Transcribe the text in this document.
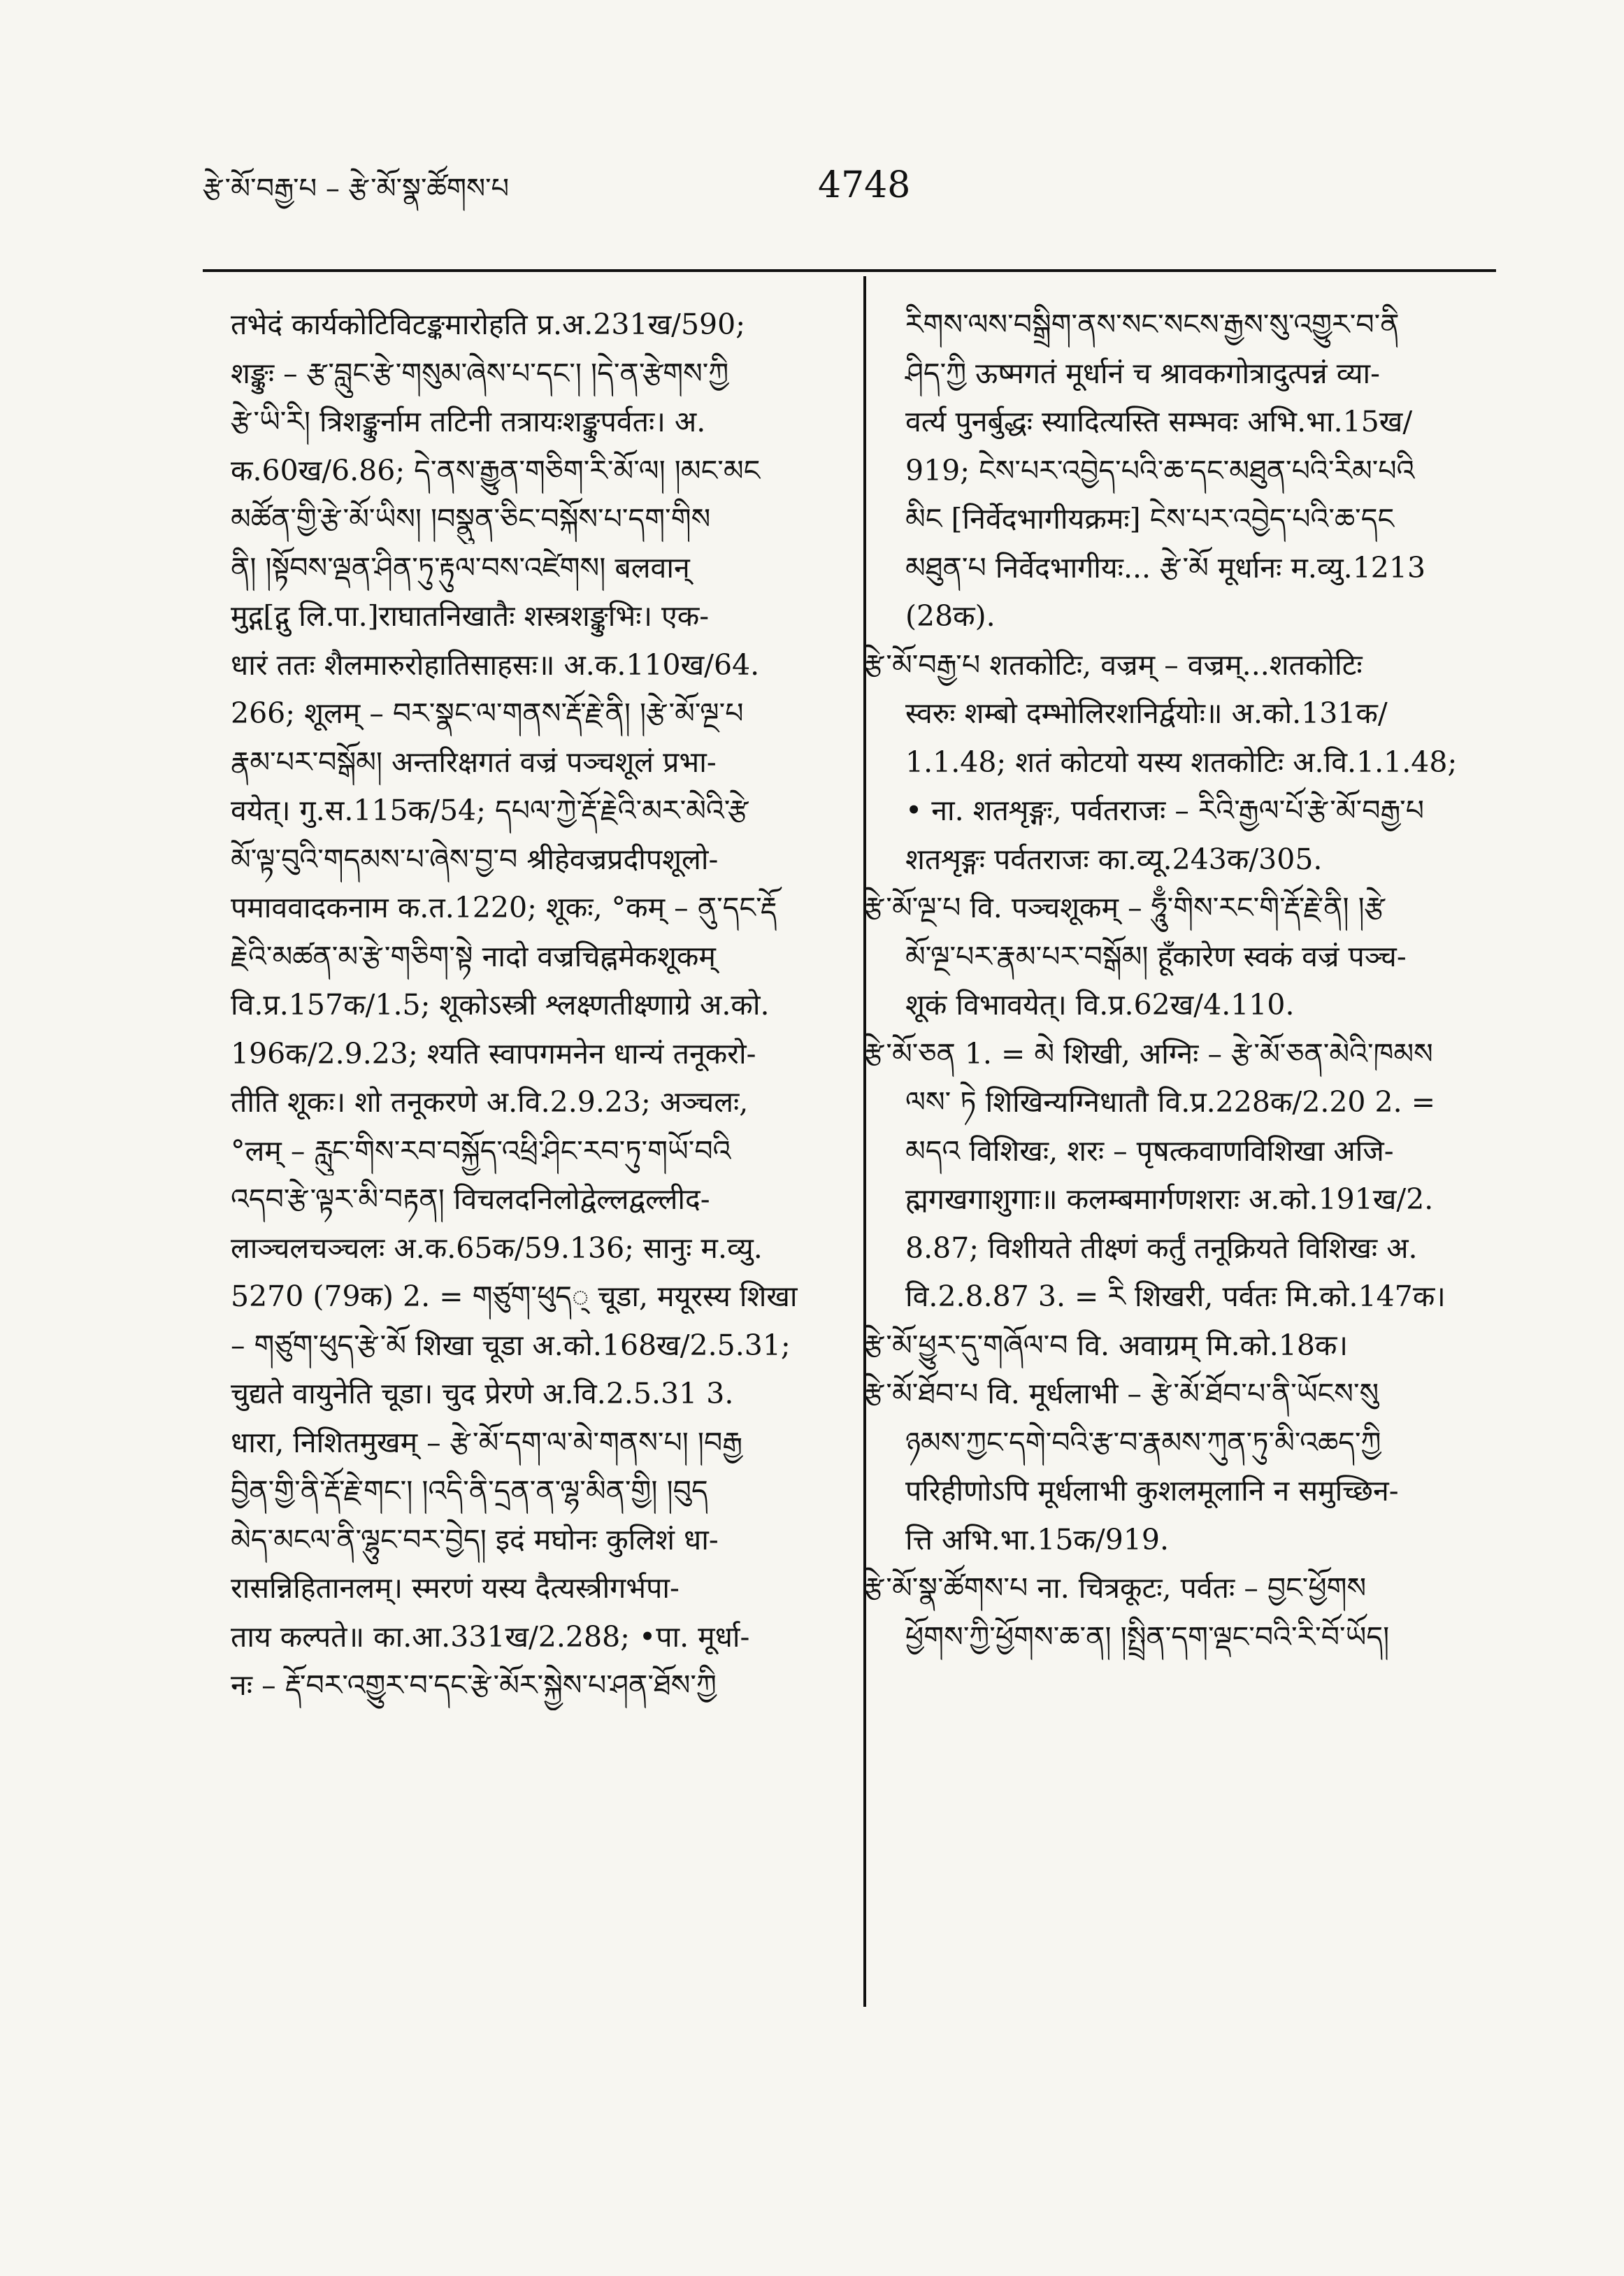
རྩེ་མོ་བརྒྱ་པ – རྩེ་མོ་སྣ་ཚོགས་པ	4748
तभेदं कार्यकोटिविटङ्कमारोहति प्र.अ.231ख/590;
शङ्कुः – རྩ་བླུང་རྩེ་གསུམ་ཞེས་པ་དང་། །དེ་ན་རྩེགས་ཀྱི
རྩེ་ཡི་རི། त्रिशङ्कुर्नाम तटिनी तत्रायःशङ्कुपर्वतः। अ.
क.60ख/6.86; དེ་ནས་རྒྱུན་གཅིག་རི་མོ་ལ། །མང་མང
མཚོན་གྱི་རྩེ་མོ་ཡིས། །བསྣུན་ཅིང་བསྐོས་པ་དག་གིས
ནི། །སྟོབས་ལྡན་ཤིན་ཏུ་རྟུལ་བས་འཛེགས། बलवान्
मुद्ग[द्गु लि.पा.]राघातनिखातैः शस्त्रशङ्कुभिः। एक-
धारं ततः शैलमारुरोहातिसाहसः॥ अ.क.110ख/64.
266; शूलम् – བར་སྣང་ལ་གནས་རྡོ་རྗེ་ནི། །རྩེ་མོ་ལྔ་པ
རྣམ་པར་བསྒོམ། अन्तरिक्षगतं वज्रं पञ्चशूलं प्रभा-
वयेत्। गु.स.115क/54; དཔལ་ཀྱེ་རྡོ་རྗེའི་མར་མེའི་རྩེ
མོ་ལྟ་བུའི་གདམས་པ་ཞེས་བྱ་བ श्रीहेवज्रप्रदीपशूलो-
पमाववादकनाम क.त.1220; शूकः, °कम् – ནུ་དང་རྡོ
རྗེའི་མཚན་མ་རྩེ་གཅིག་སྟེ नादो वज्रचिह्नमेकशूकम्
वि.प्र.157क/1.5; शूकोऽस्त्री श्लक्ष्णतीक्ष्णाग्रे अ.को.
196क/2.9.23; श्यति स्वापगमनेन धान्यं तनूकरो-
तीति शूकः। शो तनूकरणे अ.वि.2.9.23; अञ्चलः,
°लम् – རླུང་གིས་རབ་བསྐྱོད་འཕྲི་ཤིང་རབ་ཏུ་གཡོ་བའི
འདབ་རྩེ་ལྟར་མི་བརྟན། विचलदनिलोद्वेल्लद्वल्लीद-
लाञ्चलचञ्चलः अ.क.65क/59.136; सानुः म.व्यु.
5270 (79क) 2. = གཙུག་ཕུད् चूडा, मयूरस्य शिखा
– གཙུག་ཕུད་རྩེ་མོ शिखा चूडा अ.को.168ख/2.5.31;
चुद्यते वायुनेति चूडा। चुद प्रेरणे अ.वि.2.5.31 3.
धारा, निशितमुखम् – རྩེ་མོ་དག་ལ་མེ་གནས་པ། །བརྒྱ
བྱིན་གྱི་ནི་རྡོ་རྗེ་གང་། །འདི་ནི་དྲན་ན་ལྷ་མིན་གྱི། །བུད
མེད་མངལ་ནི་ལྷུང་བར་བྱེད། इदं मघोनः कुलिशं धा-
रासन्निहितानलम्। स्मरणं यस्य दैत्यस्त्रीगर्भपा-
ताय कल्पते॥ का.आ.331ख/2.288; •पा. मूर्धा-
नः – རྡོ་བར་འགྱུར་བ་དང་རྩེ་མོར་སྐྱེས་པ་ཤན་ཐོས་ཀྱི
རིགས་ལས་བསྒྲིག་ནས་སང་སངས་རྒྱས་སུ་འགྱུར་བ་ནི
ཤིད་ཀྱི ऊष्मगतं मूर्धानं च श्रावकगोत्रादुत्पन्नं व्या-
वर्त्य पुनर्बुद्धः स्यादित्यस्ति सम्भवः अभि.भा.15ख/
919; ངེས་པར་འབྱེད་པའི་ཆ་དང་མཐུན་པའི་རིམ་པའི
མིང [निर्वेदभागीयक्रमः] ངེས་པར་འབྱེད་པའི་ཆ་དང
མཐུན་པ निर्वेदभागीयः... རྩེ་མོ मूर्धानः म.व्यु.1213
(28क).
རྩེ་མོ་བརྒྱ་པ शतकोटिः, वज्रम् – वज्रम्...शतकोटिः
स्वरुः शम्बो दम्भोलिरशनिर्द्वयोः॥ अ.को.131क/
1.1.48; शतं कोटयो यस्य शतकोटिः अ.वि.1.1.48;
• ना. शतशृङ्गः, पर्वतराजः – རིའི་རྒྱལ་པོ་རྩེ་མོ་བརྒྱ་པ
शतशृङ्गः पर्वतराजः का.व्यू.243क/305.
རྩེ་མོ་ལྔ་པ वि. पञ्चशूकम् – ཧཱུྃ་གིས་རང་གི་རྡོ་རྗེ་ནི། །རྩེ
མོ་ལྔ་པར་རྣམ་པར་བསྒོམ། हूँकारेण स्वकं वज्रं पञ्च-
शूकं विभावयेत्। वि.प्र.62ख/4.110.
རྩེ་མོ་ཅན 1. = མེ शिखी, अग्निः – རྩེ་མོ་ཅན་མེའི་ཁམས
ལས་ ཏེ शिखिन्यग्निधातौ वि.प्र.228क/2.20 2. =
མདའ विशिखः, शरः – पृषत्कवाणविशिखा अजि-
ह्मगखगाशुगाः॥ कलम्बमार्गणशराः अ.को.191ख/2.
8.87; विशीयते तीक्ष्णं कर्तुं तनूक्रियते विशिखः अ.
वि.2.8.87 3. = རི शिखरी, पर्वतः मि.को.147क।
རྩེ་མོ་ཕྱུར་དུ་གཞོལ་བ वि. अवाग्रम् मि.को.18क।
རྩེ་མོ་ཐོབ་པ वि. मूर्धलाभी – རྩེ་མོ་ཐོབ་པ་ནི་ཡོངས་སུ
ཉམས་ཀྱང་དགེ་བའི་རྩ་བ་རྣམས་ཀུན་ཏུ་མི་འཆད་ཀྱི
परिहीणोऽपि मूर्धलाभी कुशलमूलानि न समुच्छिन-
त्ति अभि.भा.15क/919.
རྩེ་མོ་སྣ་ཚོགས་པ ना. चित्रकूटः, पर्वतः – བྱང་ཕྱོགས
ཕྱོགས་ཀྱི་ཕྱོགས་ཆ་ན། །སྤྲིན་དག་ལྡང་བའི་རི་བོ་ཡོད།
